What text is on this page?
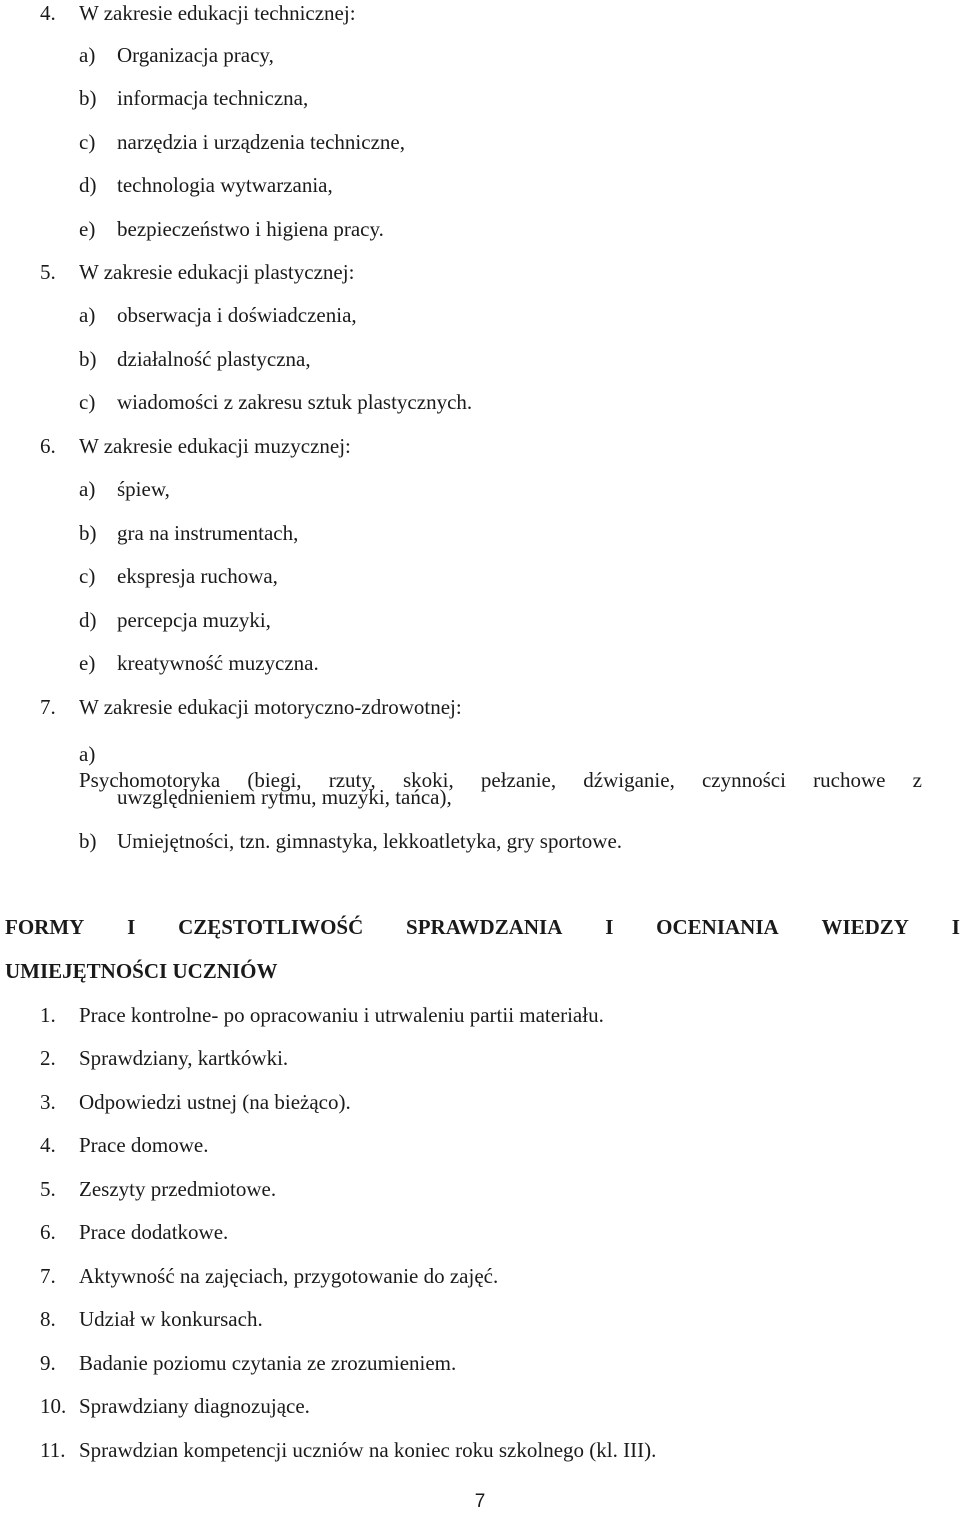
4. W zakresie edukacji technicznej:
a) Organizacja pracy,
b) informacja techniczna,
c) narzędzia i urządzenia techniczne,
d) technologia wytwarzania,
e) bezpieczeństwo i higiena pracy.
5. W zakresie edukacji plastycznej:
a) obserwacja i doświadczenia,
b) działalność plastyczna,
c) wiadomości z zakresu sztuk plastycznych.
6. W zakresie edukacji muzycznej:
a) śpiew,
b) gra na instrumentach,
c) ekspresja ruchowa,
d) percepcja muzyki,
e) kreatywność muzyczna.
7. W zakresie edukacji motoryczno-zdrowotnej:
a)
Psychomotoryka (biegi, rzuty, skoki, pełzanie, dźwiganie, czynności ruchowe z
uwzględnieniem rytmu, muzyki, tańca),
b) Umiejętności, tzn. gimnastyka, lekkoatletyka, gry sportowe.
FORMY I CZĘSTOTLIWOŚĆ SPRAWDZANIA I OCENIANIA WIEDZY I
UMIEJĘTNOŚCI UCZNIÓW
1. Prace kontrolne- po opracowaniu i utrwaleniu partii materiału.
2. Sprawdziany, kartkówki.
3. Odpowiedzi ustnej (na bieżąco).
4. Prace domowe.
5. Zeszyty przedmiotowe.
6. Prace dodatkowe.
7. Aktywność na zajęciach, przygotowanie do zajęć.
8. Udział w konkursach.
9. Badanie poziomu czytania ze zrozumieniem.
10. Sprawdziany diagnozujące.
11. Sprawdzian kompetencji uczniów na koniec roku szkolnego (kl. III).
7
